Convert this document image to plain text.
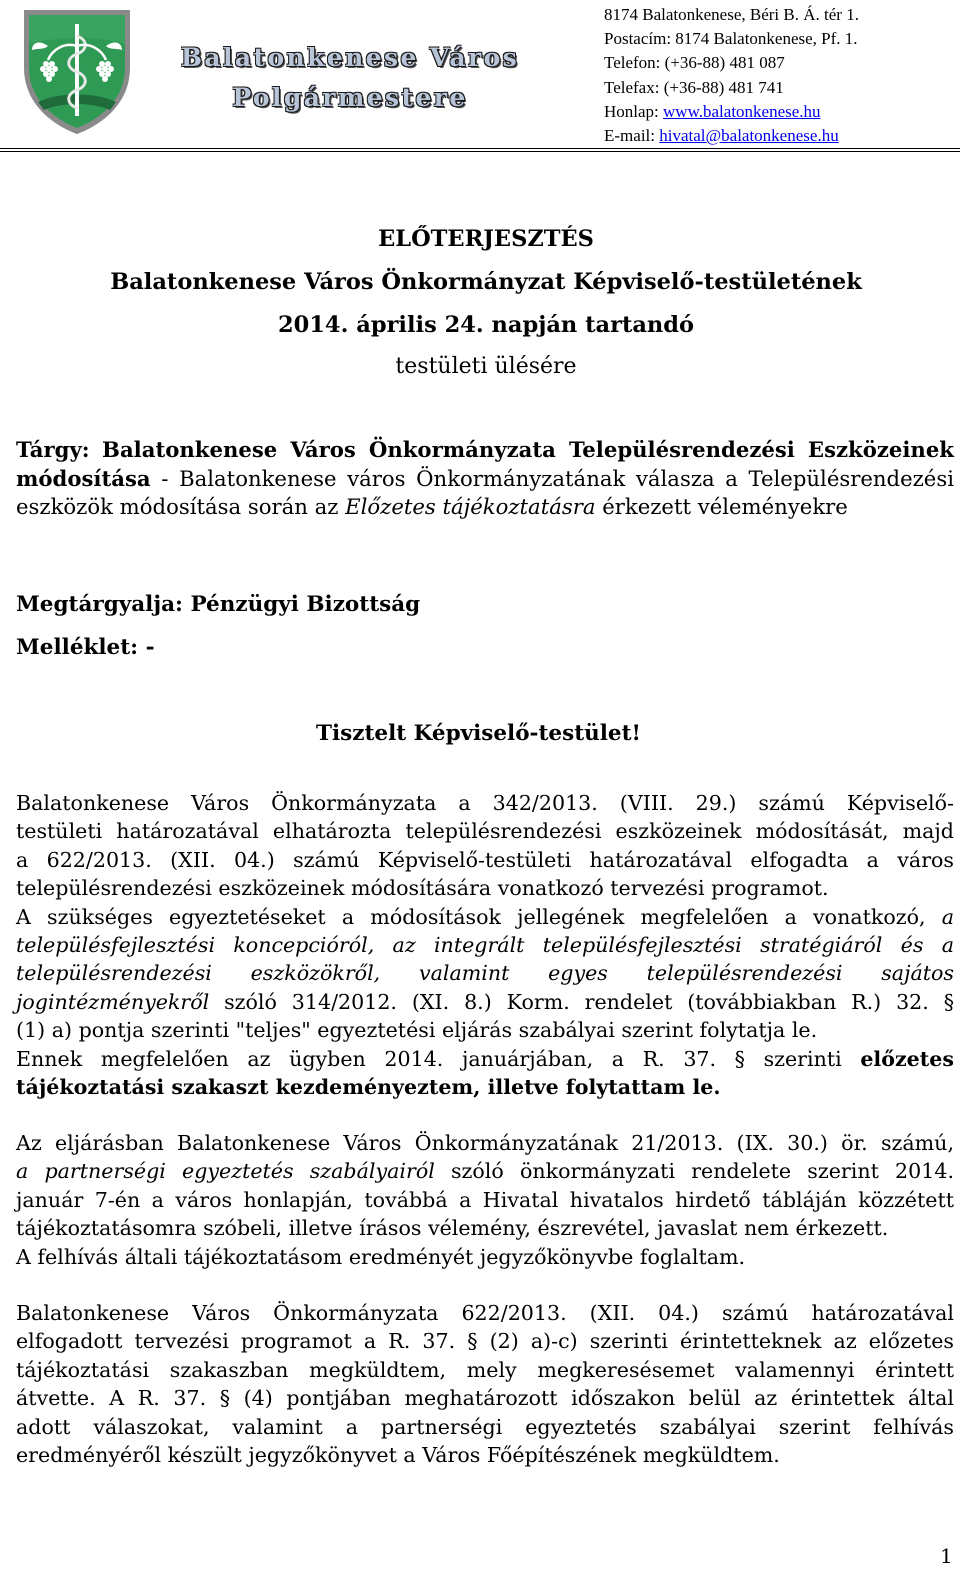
Balatonkenese Város
Polgármestere
8174 Balatonkenese, Béri B. Á. tér 1.
Postacím: 8174 Balatonkenese, Pf. 1.
Telefon: (+36-88) 481 087
Telefax: (+36-88) 481 741
Honlap: www.balatonkenese.hu
E-mail: hivatal@balatonkenese.hu
ELŐTERJESZTÉS
Balatonkenese Város Önkormányzat Képviselő-testületének
2014. április 24. napján tartandó
testületi ülésére
Tárgy: Balatonkenese Város Önkormányzata Településrendezési Eszközeinek módosítása - Balatonkenese város Önkormányzatának válasza a Településrendezési eszközök módosítása során az Előzetes tájékoztatásra érkezett véleményekre
Megtárgyalja: Pénzügyi Bizottság
Melléklet: -
Tisztelt Képviselő-testület!
Balatonkenese Város Önkormányzata a 342/2013. (VIII. 29.) számú Képviselő-
testületi határozatával elhatározta településrendezési eszközeinek módosítását, majd
a 622/2013. (XII. 04.) számú Képviselő-testületi határozatával elfogadta a város
településrendezési eszközeinek módosítására vonatkozó tervezési programot.
A szükséges egyeztetéseket a módosítások jellegének megfelelően a vonatkozó, a
településfejlesztési koncepcióról, az integrált településfejlesztési stratégiáról és a
településrendezési eszközökről, valamint egyes településrendezési sajátos
jogintézményekről szóló 314/2012. (XI. 8.) Korm. rendelet (továbbiakban R.) 32. §
(1) a) pontja szerinti "teljes" egyeztetési eljárás szabályai szerint folytatja le.
Ennek megfelelően az ügyben 2014. januárjában, a R. 37. § szerinti előzetes
tájékoztatási szakaszt kezdeményeztem, illetve folytattam le.
Az eljárásban Balatonkenese Város Önkormányzatának 21/2013. (IX. 30.) ör. számú,
a partnerségi egyeztetés szabályairól szóló önkormányzati rendelete szerint 2014.
január 7-én a város honlapján, továbbá a Hivatal hivatalos hirdető tábláján közzétett
tájékoztatásomra szóbeli, illetve írásos vélemény, észrevétel, javaslat nem érkezett.
A felhívás általi tájékoztatásom eredményét jegyzőkönyvbe foglaltam.
Balatonkenese Város Önkormányzata 622/2013. (XII. 04.) számú határozatával
elfogadott tervezési programot a R. 37. § (2) a)-c) szerinti érintetteknek az előzetes
tájékoztatási szakaszban megküldtem, mely megkeresésemet valamennyi érintett
átvette. A R. 37. § (4) pontjában meghatározott időszakon belül az érintettek által
adott válaszokat, valamint a partnerségi egyeztetés szabályai szerint felhívás
eredményéről készült jegyzőkönyvet a Város Főépítészének megküldtem.
1
